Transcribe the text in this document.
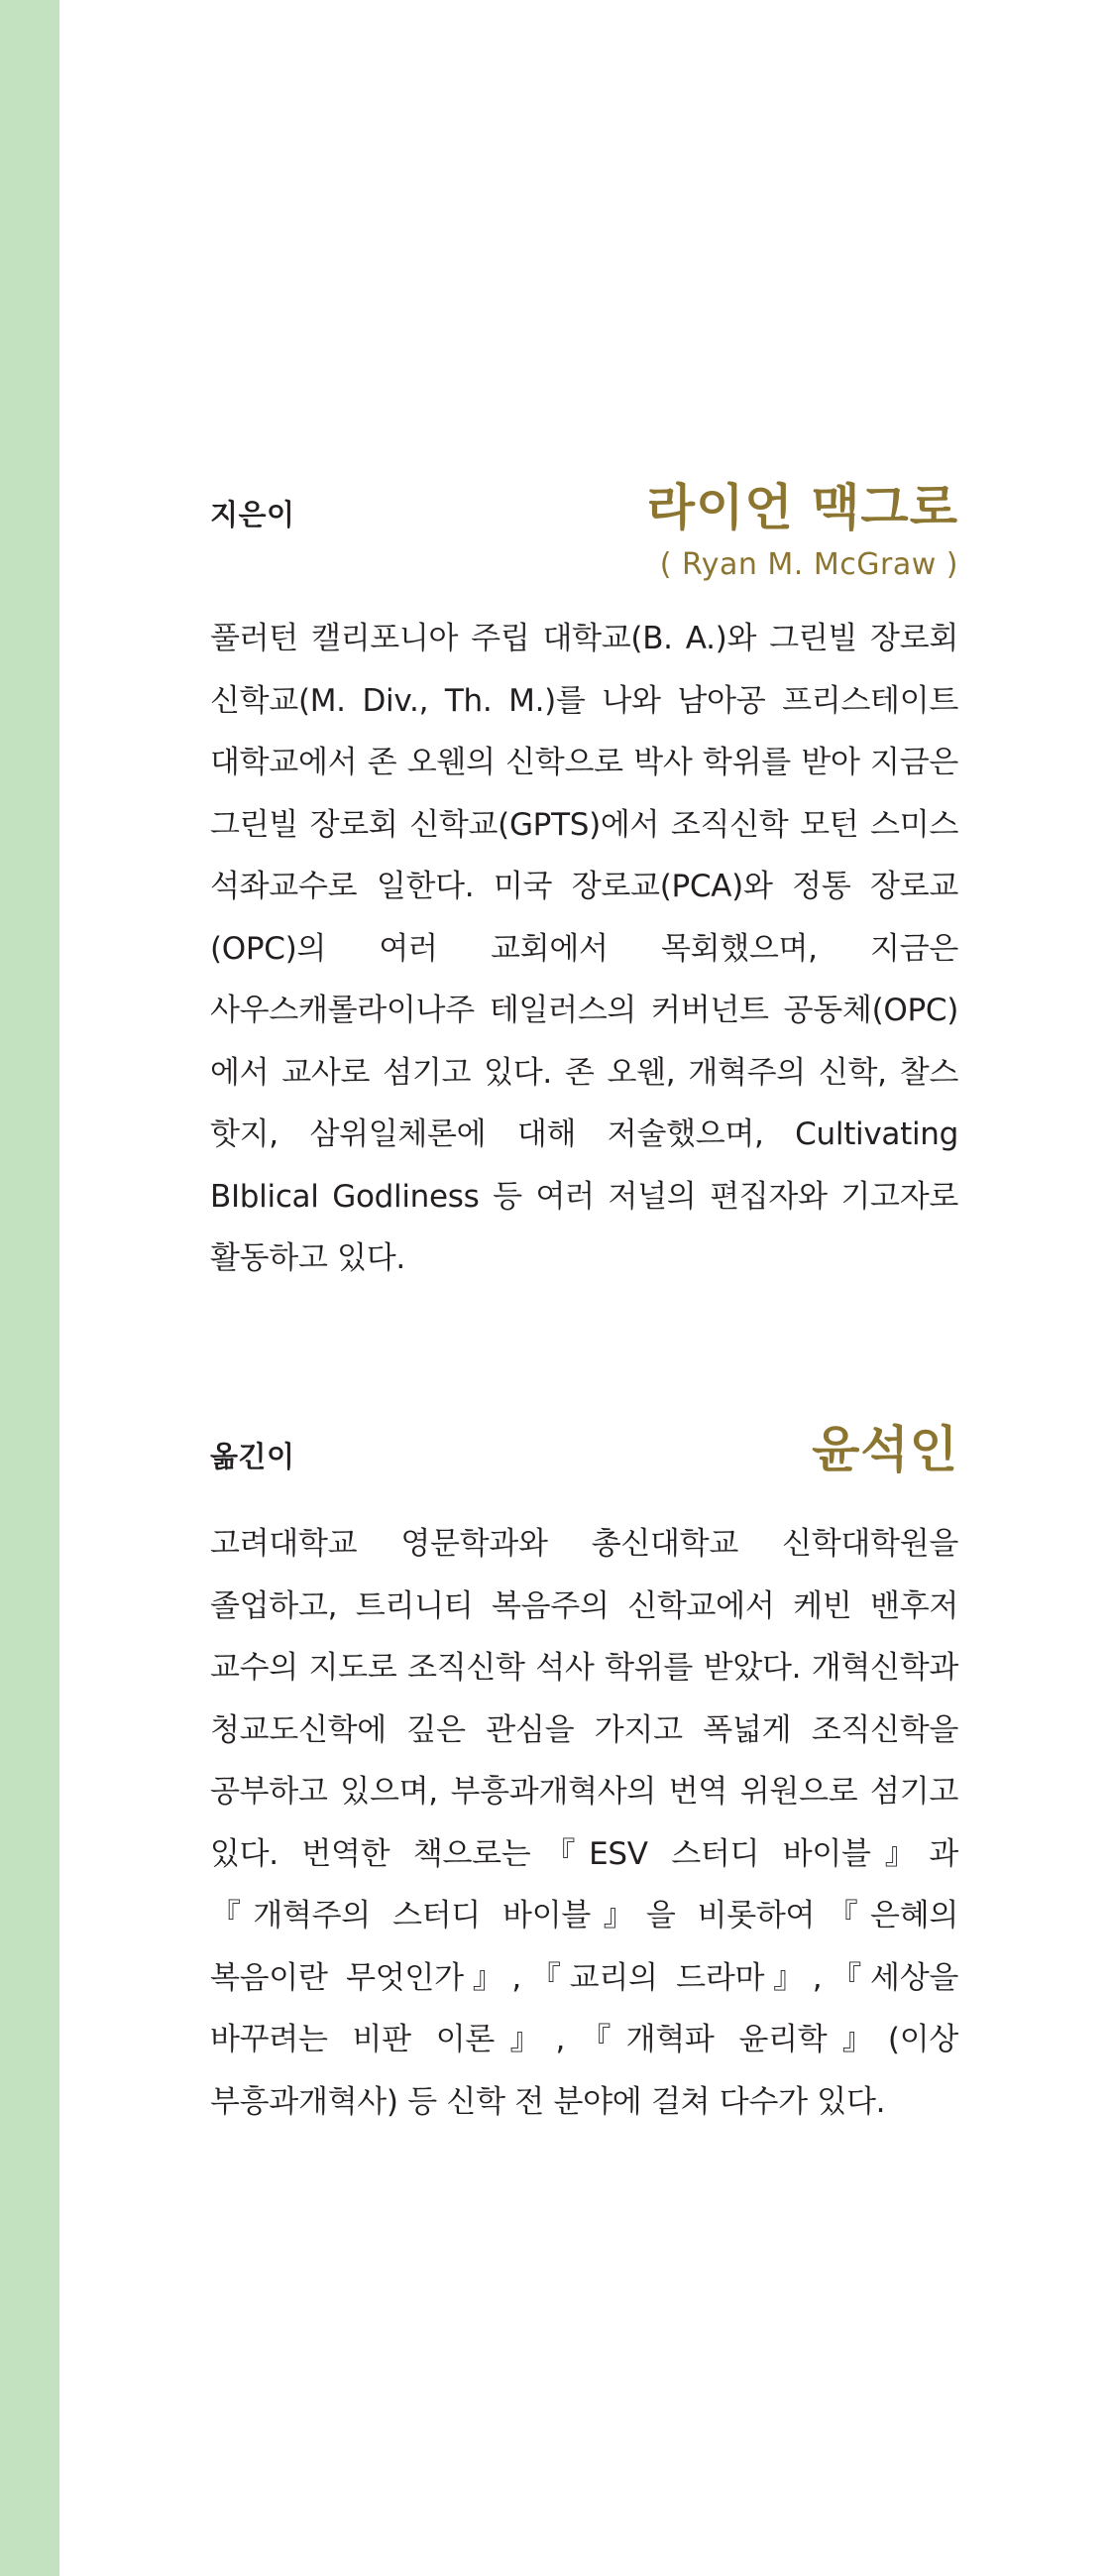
지은이	라이언 맥그로
( Ryan M. McGraw )
풀러턴 캘리포니아 주립 대학교(B. A.)와 그린빌 장로회 신학교(M. Div., Th. M.)를 나와 남아공 프리스테이트 대학교에서 존 오웬의 신학으로 박사 학위를 받아 지금은 그린빌 장로회 신학교(GPTS)에서 조직신학 모턴 스미스 석좌교수로 일한다. 미국 장로교(PCA)와 정통 장로교(OPC)의 여러 교회에서 목회했으며, 지금은 사우스캐롤라이나주 테일러스의 커버넌트 공동체(OPC)에서 교사로 섬기고 있다. 존 오웬, 개혁주의 신학, 찰스 핫지, 삼위일체론에 대해 저술했으며, Cultivating BIblical Godliness 등 여러 저널의 편집자와 기고자로 활동하고 있다.
옮긴이	윤석인
고려대학교 영문학과와 총신대학교 신학대학원을 졸업하고, 트리니티 복음주의 신학교에서 케빈 밴후저 교수의 지도로 조직신학 석사 학위를 받았다. 개혁신학과 청교도신학에 깊은 관심을 가지고 폭넓게 조직신학을 공부하고 있으며, 부흥과개혁사의 번역 위원으로 섬기고 있다. 번역한 책으로는『ESV 스터디 바이블』과『개혁주의 스터디 바이블』을 비롯하여『은혜의 복음이란 무엇인가』,『교리의 드라마』,『세상을 바꾸려는 비판 이론』,『개혁파 윤리학』(이상 부흥과개혁사) 등 신학 전 분야에 걸쳐 다수가 있다.
